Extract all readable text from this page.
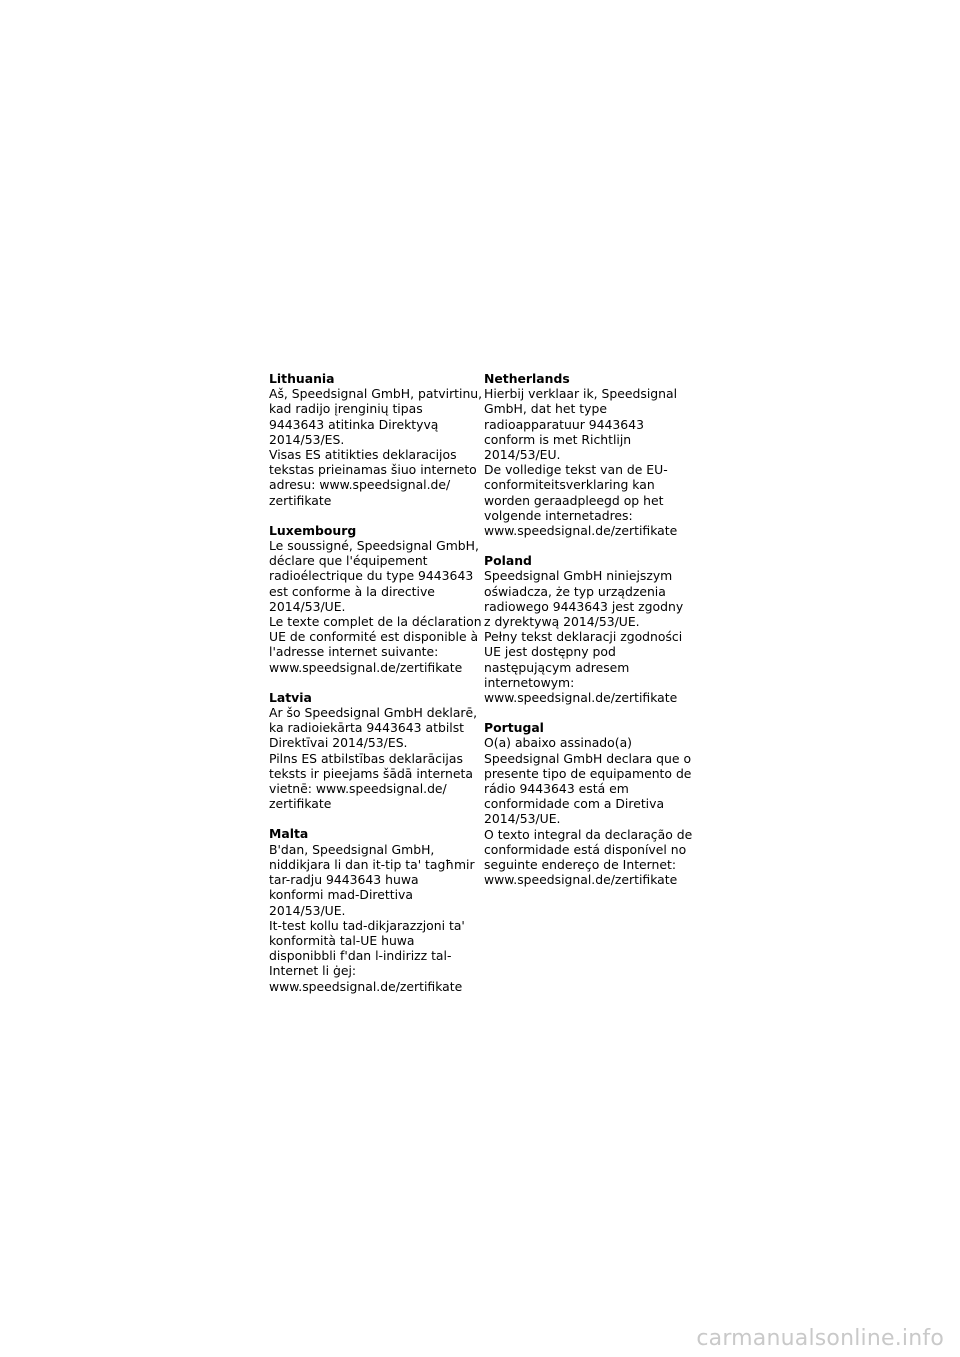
Lithuania
Aš, Speedsignal GmbH, patvirtinu,
kad radijo įrenginių tipas
9443643 atitinka Direktyvą
2014/53/ES.
Visas ES atitikties deklaracijos
tekstas prieinamas šiuo interneto
adresu: www.speedsignal.de/
zertifikate
Luxembourg
Le soussigné, Speedsignal GmbH,
déclare que l'équipement
radioélectrique du type 9443643
est conforme à la directive
2014/53/UE.
Le texte complet de la déclaration
UE de conformité est disponible à
l'adresse internet suivante:
www.speedsignal.de/zertifikate
Latvia
Ar šo Speedsignal GmbH deklarē,
ka radioiekārta 9443643 atbilst
Direktīvai 2014/53/ES.
Pilns ES atbilstības deklarācijas
teksts ir pieejams šādā interneta
vietnē: www.speedsignal.de/
zertifikate
Malta
B'dan, Speedsignal GmbH,
niddikjara li dan it-tip ta' tagħmir
tar-radju 9443643 huwa
konformi mad-Direttiva
2014/53/UE.
It-test kollu tad-dikjarazzjoni ta'
konformità tal-UE huwa
disponibbli f'dan l-indirizz tal-
Internet li ġej:
www.speedsignal.de/zertifikate
Netherlands
Hierbij verklaar ik, Speedsignal
GmbH, dat het type
radioapparatuur 9443643
conform is met Richtlijn
2014/53/EU.
De volledige tekst van de EU-
conformiteitsverklaring kan
worden geraadpleegd op het
volgende internetadres:
www.speedsignal.de/zertifikate
Poland
Speedsignal GmbH niniejszym
oświadcza, że typ urządzenia
radiowego 9443643 jest zgodny
z dyrektywą 2014/53/UE.
Pełny tekst deklaracji zgodności
UE jest dostępny pod
następującym adresem
internetowym:
www.speedsignal.de/zertifikate
Portugal
O(a) abaixo assinado(a)
Speedsignal GmbH declara que o
presente tipo de equipamento de
rádio 9443643 está em
conformidade com a Diretiva
2014/53/UE.
O texto integral da declaração de
conformidade está disponível no
seguinte endereço de Internet:
www.speedsignal.de/zertifikate
carmanualsonline.info
